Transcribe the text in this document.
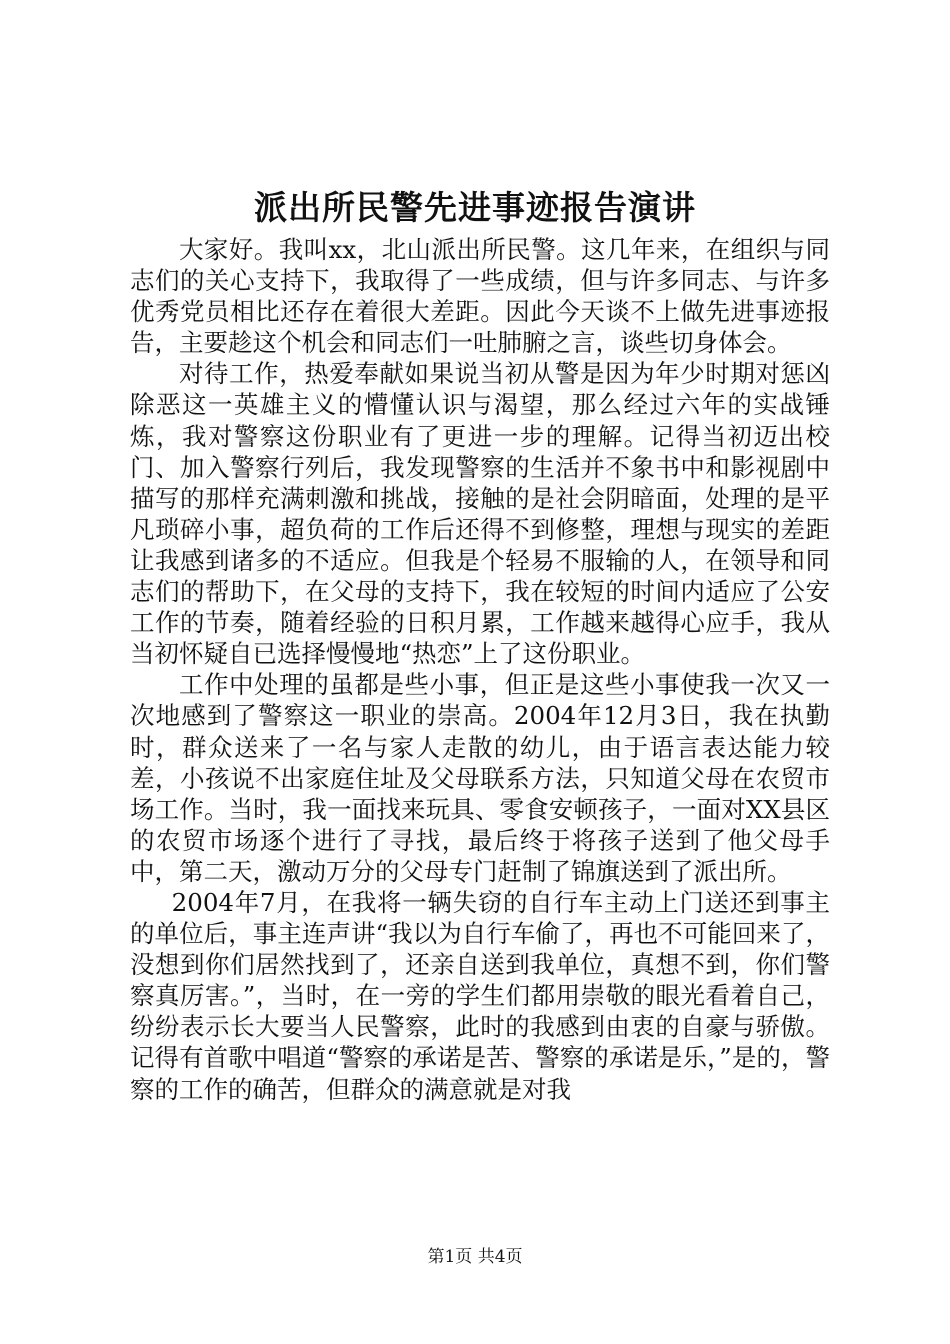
派出所民警先进事迹报告演讲

大家好。我叫xx，北山派出所民警。这几年来，在组织与同志们的关心支持下，我取得了一些成绩，但与许多同志、与许多优秀党员相比还存在着很大差距。因此今天谈不上做先进事迹报告，主要趁这个机会和同志们一吐肺腑之言，谈些切身体会。

对待工作，热爱奉献如果说当初从警是因为年少时期对惩凶除恶这一英雄主义的懵懂认识与渴望，那么经过六年的实战锤炼，我对警察这份职业有了更进一步的理解。记得当初迈出校门、加入警察行列后，我发现警察的生活并不象书中和影视剧中描写的那样充满刺激和挑战，接触的是社会阴暗面，处理的是平凡琐碎小事，超负荷的工作后还得不到修整，理想与现实的差距让我感到诸多的不适应。但我是个轻易不服输的人，在领导和同志们的帮助下，在父母的支持下，我在较短的时间内适应了公安工作的节奏，随着经验的日积月累，工作越来越得心应手，我从当初怀疑自已选择慢慢地“热恋”上了这份职业。

工作中处理的虽都是些小事，但正是这些小事使我一次又一次地感到了警察这一职业的崇高。2004年12月3日，我在执勤时，群众送来了一名与家人走散的幼儿，由于语言表达能力较差，小孩说不出家庭住址及父母联系方法，只知道父母在农贸市场工作。当时，我一面找来玩具、零食安顿孩子，一面对XX县区的农贸市场逐个进行了寻找，最后终于将孩子送到了他父母手中，第二天，激动万分的父母专门赶制了锦旗送到了派出所。

2004年7月，在我将一辆失窃的自行车主动上门送还到事主的单位后，事主连声讲“我以为自行车偷了，再也不可能回来了，没想到你们居然找到了，还亲自送到我单位，真想不到，你们警察真厉害。”，当时，在一旁的学生们都用崇敬的眼光看着自己，纷纷表示长大要当人民警察，此时的我感到由衷的自豪与骄傲。记得有首歌中唱道“警察的承诺是苦、警察的承诺是乐，”是的，警察的工作的确苦，但群众的满意就是对我

第1页 共4页
